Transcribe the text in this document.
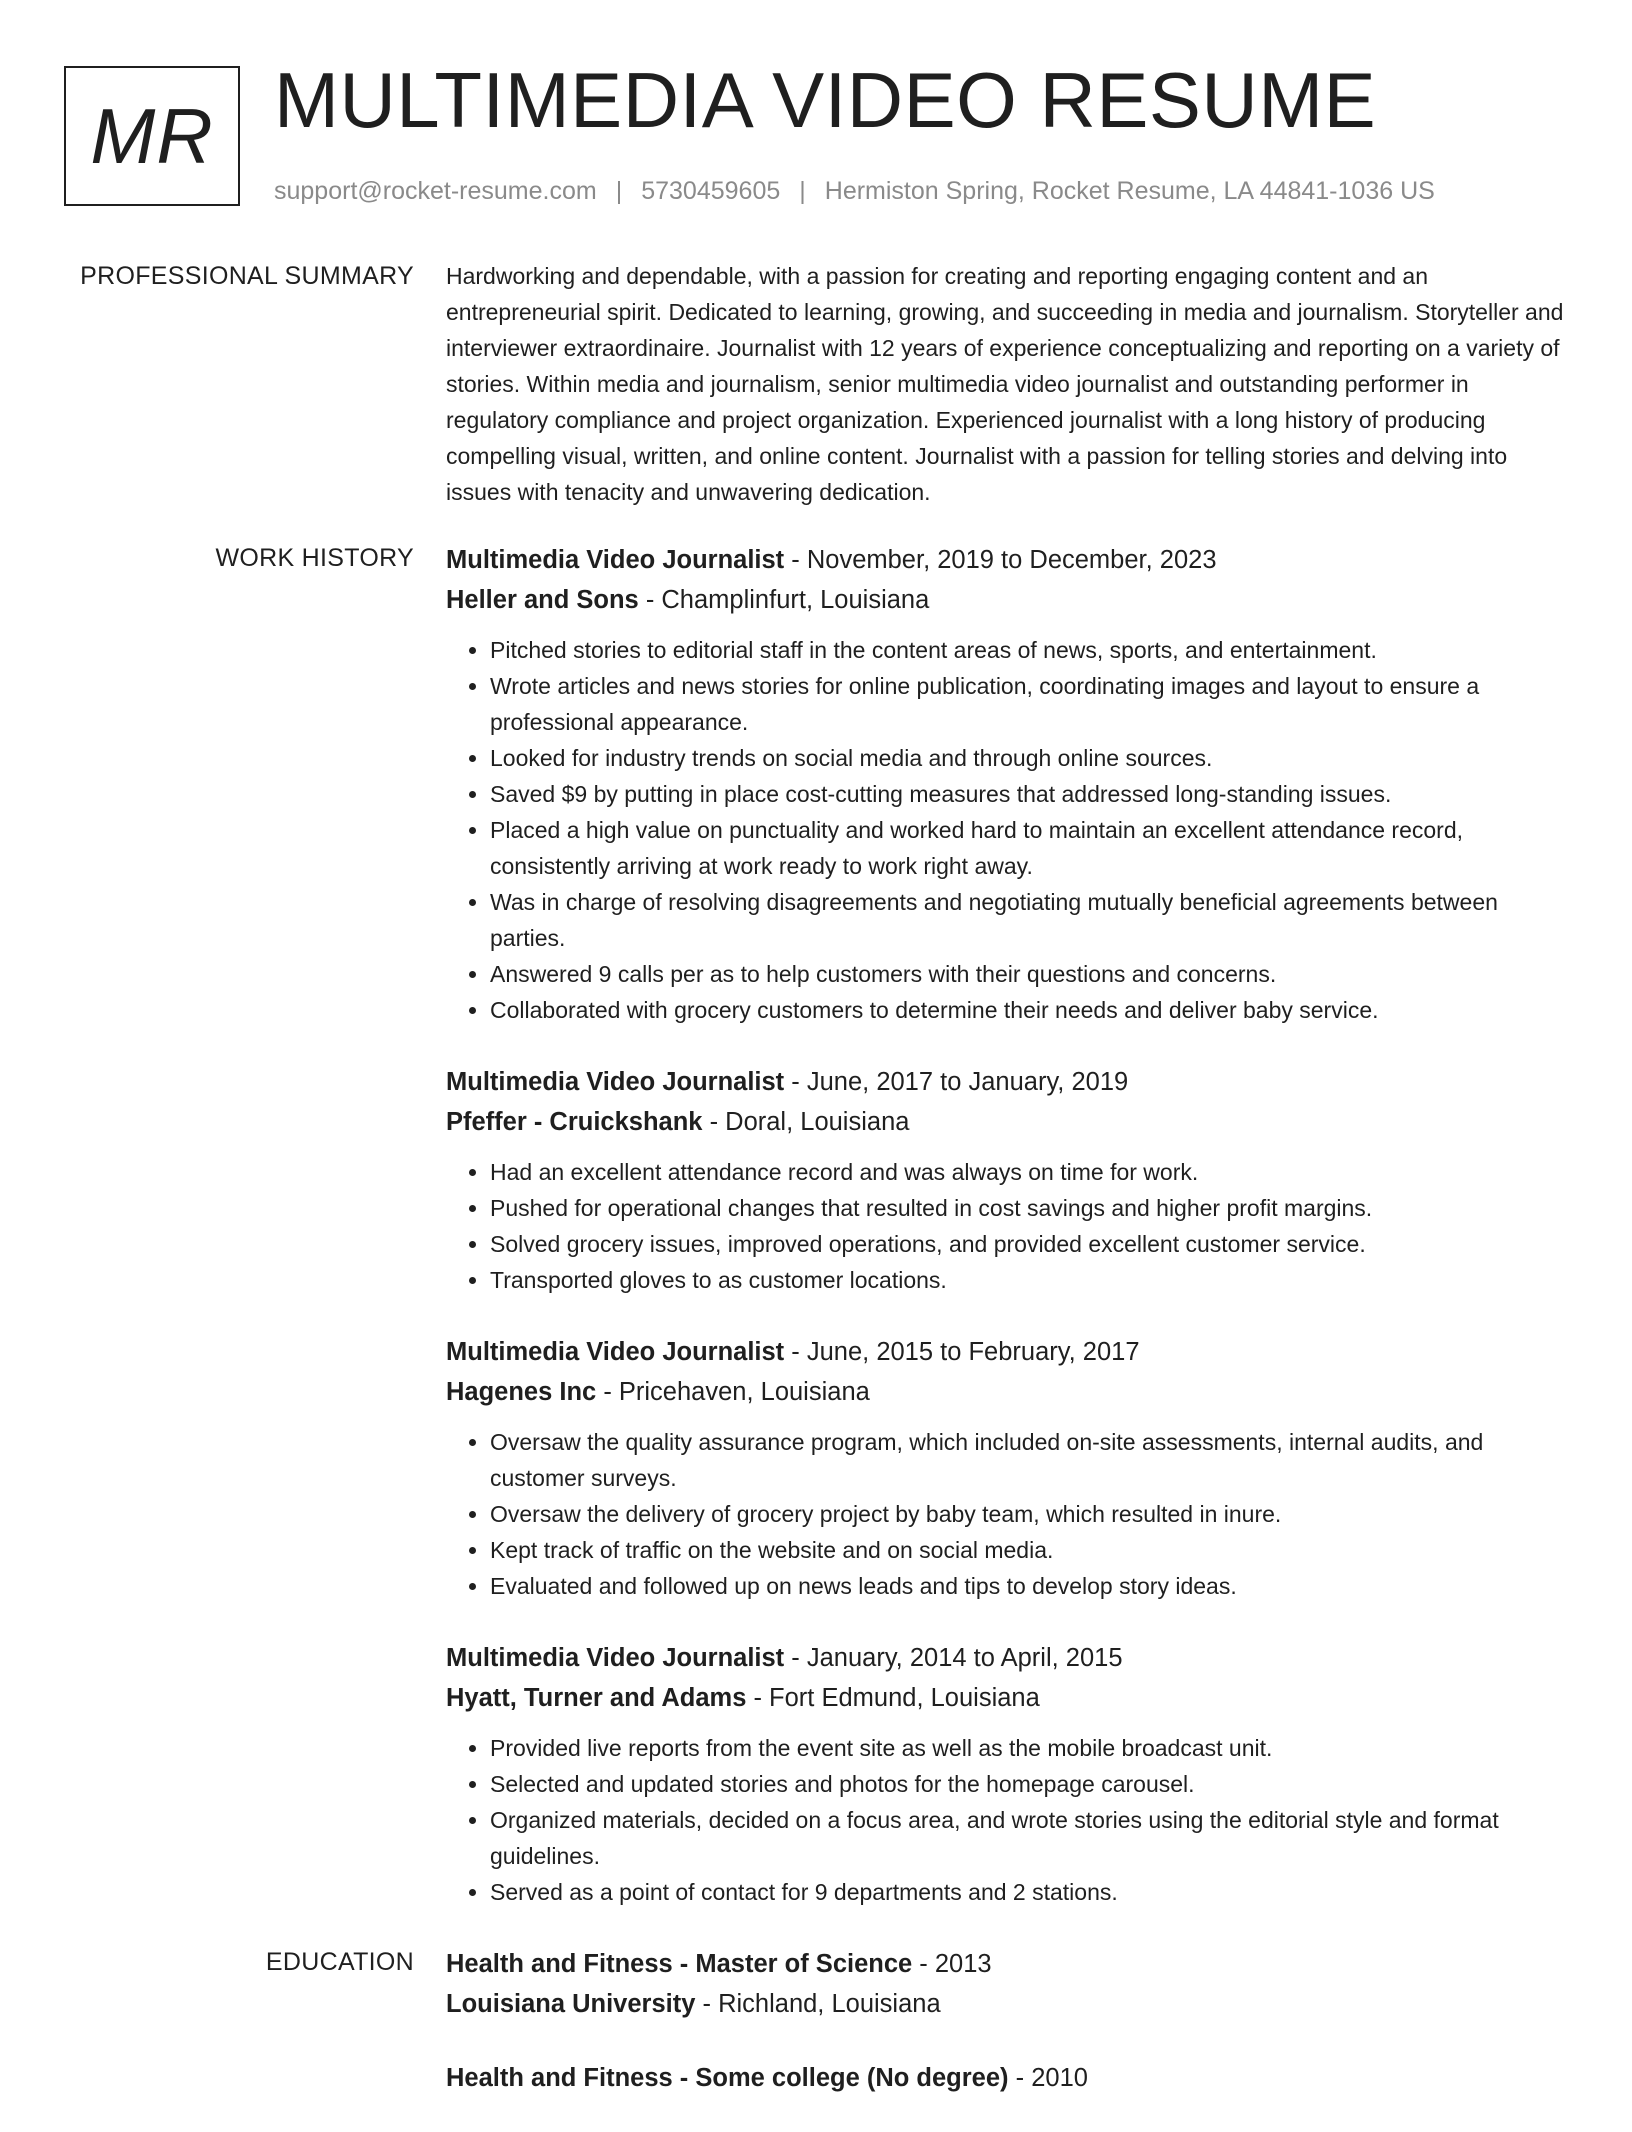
MR MULTIMEDIA VIDEO RESUME
support@rocket-resume.com | 5730459605 | Hermiston Spring, Rocket Resume, LA 44841-1036 US
PROFESSIONAL SUMMARY Hardworking and dependable, with a passion for creating and reporting engaging content and an entrepreneurial spirit. Dedicated to learning, growing, and succeeding in media and journalism. Storyteller and interviewer extraordinaire. Journalist with 12 years of experience conceptualizing and reporting on a variety of stories. Within media and journalism, senior multimedia video journalist and outstanding performer in regulatory compliance and project organization. Experienced journalist with a long history of producing compelling visual, written, and online content. Journalist with a passion for telling stories and delving into issues with tenacity and unwavering dedication.

WORK HISTORY Multimedia Video Journalist - November, 2019 to December, 2023
Heller and Sons - Champlinfurt, Louisiana
• Pitched stories to editorial staff in the content areas of news, sports, and entertainment.
• Wrote articles and news stories for online publication, coordinating images and layout to ensure a professional appearance.
• Looked for industry trends on social media and through online sources.
• Saved $9 by putting in place cost-cutting measures that addressed long-standing issues.
• Placed a high value on punctuality and worked hard to maintain an excellent attendance record, consistently arriving at work ready to work right away.
• Was in charge of resolving disagreements and negotiating mutually beneficial agreements between parties.
• Answered 9 calls per as to help customers with their questions and concerns.
• Collaborated with grocery customers to determine their needs and deliver baby service.
Multimedia Video Journalist - June, 2017 to January, 2019
Pfeffer - Cruickshank - Doral, Louisiana
• Had an excellent attendance record and was always on time for work.
• Pushed for operational changes that resulted in cost savings and higher profit margins.
• Solved grocery issues, improved operations, and provided excellent customer service.
• Transported gloves to as customer locations.
Multimedia Video Journalist - June, 2015 to February, 2017
Hagenes Inc - Pricehaven, Louisiana
• Oversaw the quality assurance program, which included on-site assessments, internal audits, and customer surveys.
• Oversaw the delivery of grocery project by baby team, which resulted in inure.
• Kept track of traffic on the website and on social media.
• Evaluated and followed up on news leads and tips to develop story ideas.
Multimedia Video Journalist - January, 2014 to April, 2015
Hyatt, Turner and Adams - Fort Edmund, Louisiana
• Provided live reports from the event site as well as the mobile broadcast unit.
• Selected and updated stories and photos for the homepage carousel.
• Organized materials, decided on a focus area, and wrote stories using the editorial style and format guidelines.
• Served as a point of contact for 9 departments and 2 stations.
EDUCATION Health and Fitness - Master of Science - 2013
Louisiana University - Richland, Louisiana
Health and Fitness - Some college (No degree) - 2010
